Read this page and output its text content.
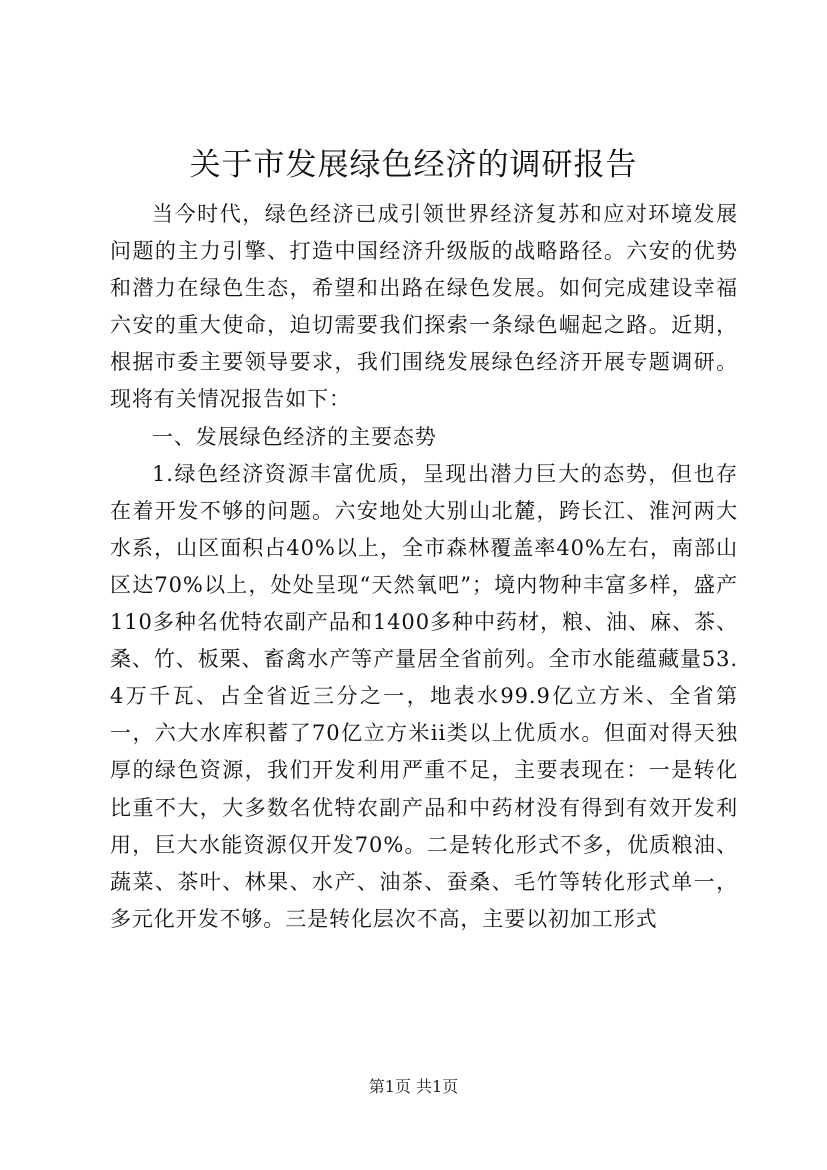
关于市发展绿色经济的调研报告

当今时代，绿色经济已成引领世界经济复苏和应对环境发展问题的主力引擎、打造中国经济升级版的战略路径。六安的优势和潜力在绿色生态，希望和出路在绿色发展。如何完成建设幸福六安的重大使命，迫切需要我们探索一条绿色崛起之路。近期，根据市委主要领导要求，我们围绕发展绿色经济开展专题调研。现将有关情况报告如下：

一、发展绿色经济的主要态势

1.绿色经济资源丰富优质，呈现出潜力巨大的态势，但也存在着开发不够的问题。六安地处大别山北麓，跨长江、淮河两大水系，山区面积占40%以上，全市森林覆盖率40%左右，南部山区达70%以上，处处呈现“天然氧吧”；境内物种丰富多样，盛产110多种名优特农副产品和1400多种中药材，粮、油、麻、茶、桑、竹、板栗、畜禽水产等产量居全省前列。全市水能蕴藏量53.4万千瓦、占全省近三分之一，地表水99.9亿立方米、全省第一，六大水库积蓄了70亿立方米ii类以上优质水。但面对得天独厚的绿色资源，我们开发利用严重不足，主要表现在：一是转化比重不大，大多数名优特农副产品和中药材没有得到有效开发利用，巨大水能资源仅开发70%。二是转化形式不多，优质粮油、蔬菜、茶叶、林果、水产、油茶、蚕桑、毛竹等转化形式单一，多元化开发不够。三是转化层次不高，主要以初加工形式

第1页 共1页
